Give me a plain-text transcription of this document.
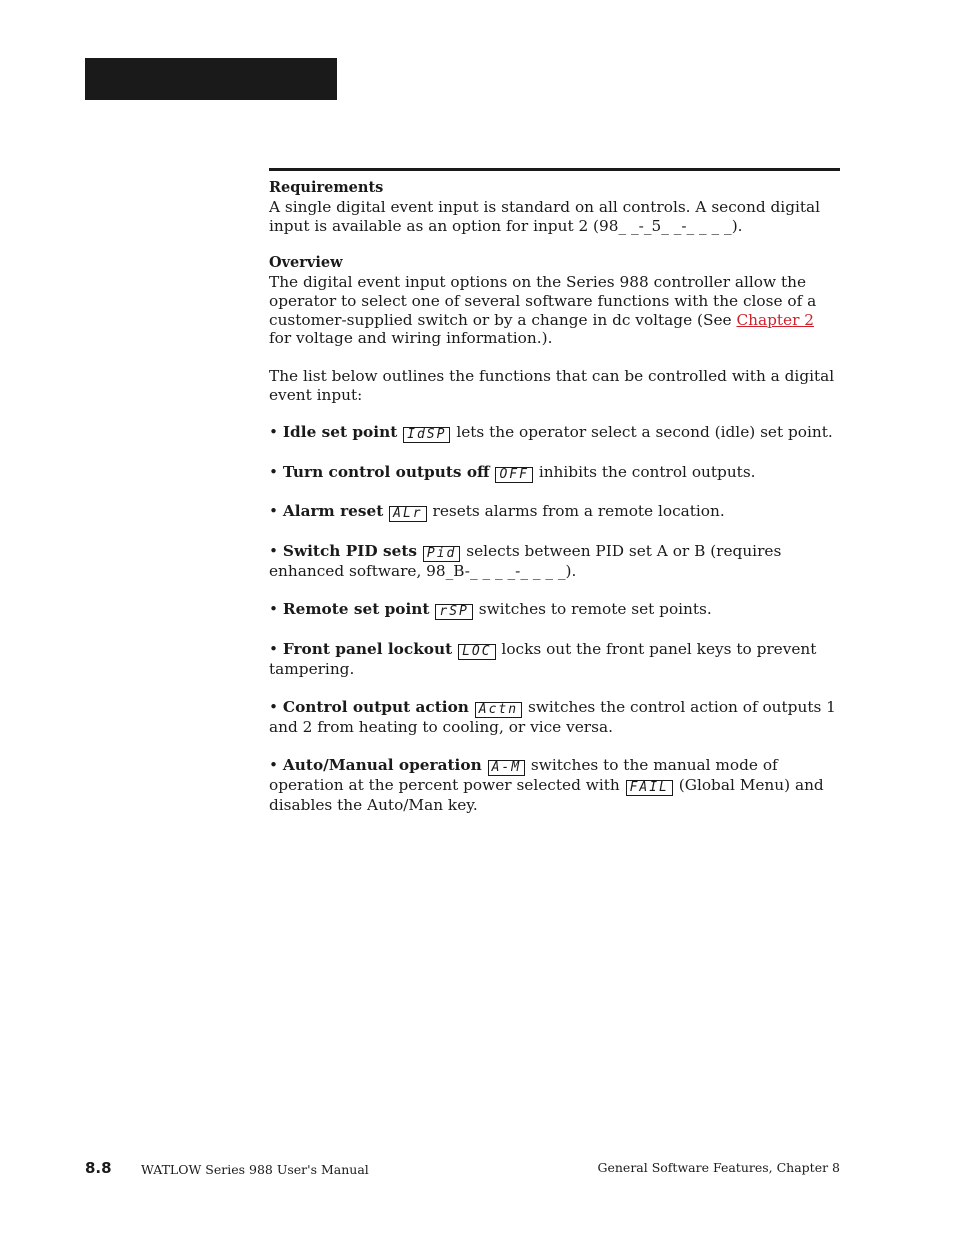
Requirements

A single digital event input is standard on all controls. A second digital input is available as an option for input 2 (98_ _-_5_ _-_ _ _ _).

Overview

The digital event input options on the Series 988 controller allow the operator to select one of several software functions with the close of a customer-supplied switch or by a change in dc voltage (See Chapter 2 for voltage and wiring information.).

The list below outlines the functions that can be controlled with a digital event input:

• Idle set point IdSP lets the operator select a second (idle) set point.

• Turn control outputs off OFF inhibits the control outputs.

• Alarm reset ALr resets alarms from a remote location.

• Switch PID sets Pid selects between PID set A or B (requires enhanced software, 98_B-_ _ _ _-_ _ _ _).

• Remote set point rSP switches to remote set points.

• Front panel lockout LOC locks out the front panel keys to prevent tampering.

• Control output action Actn switches the control action of outputs 1 and 2 from heating to cooling, or vice versa.

• Auto/Manual operation A-M switches to the manual mode of operation at the percent power selected with FAIL (Global Menu) and disables the Auto/Man key.

8.8 WATLOW Series 988 User's Manual	General Software Features, Chapter 8
